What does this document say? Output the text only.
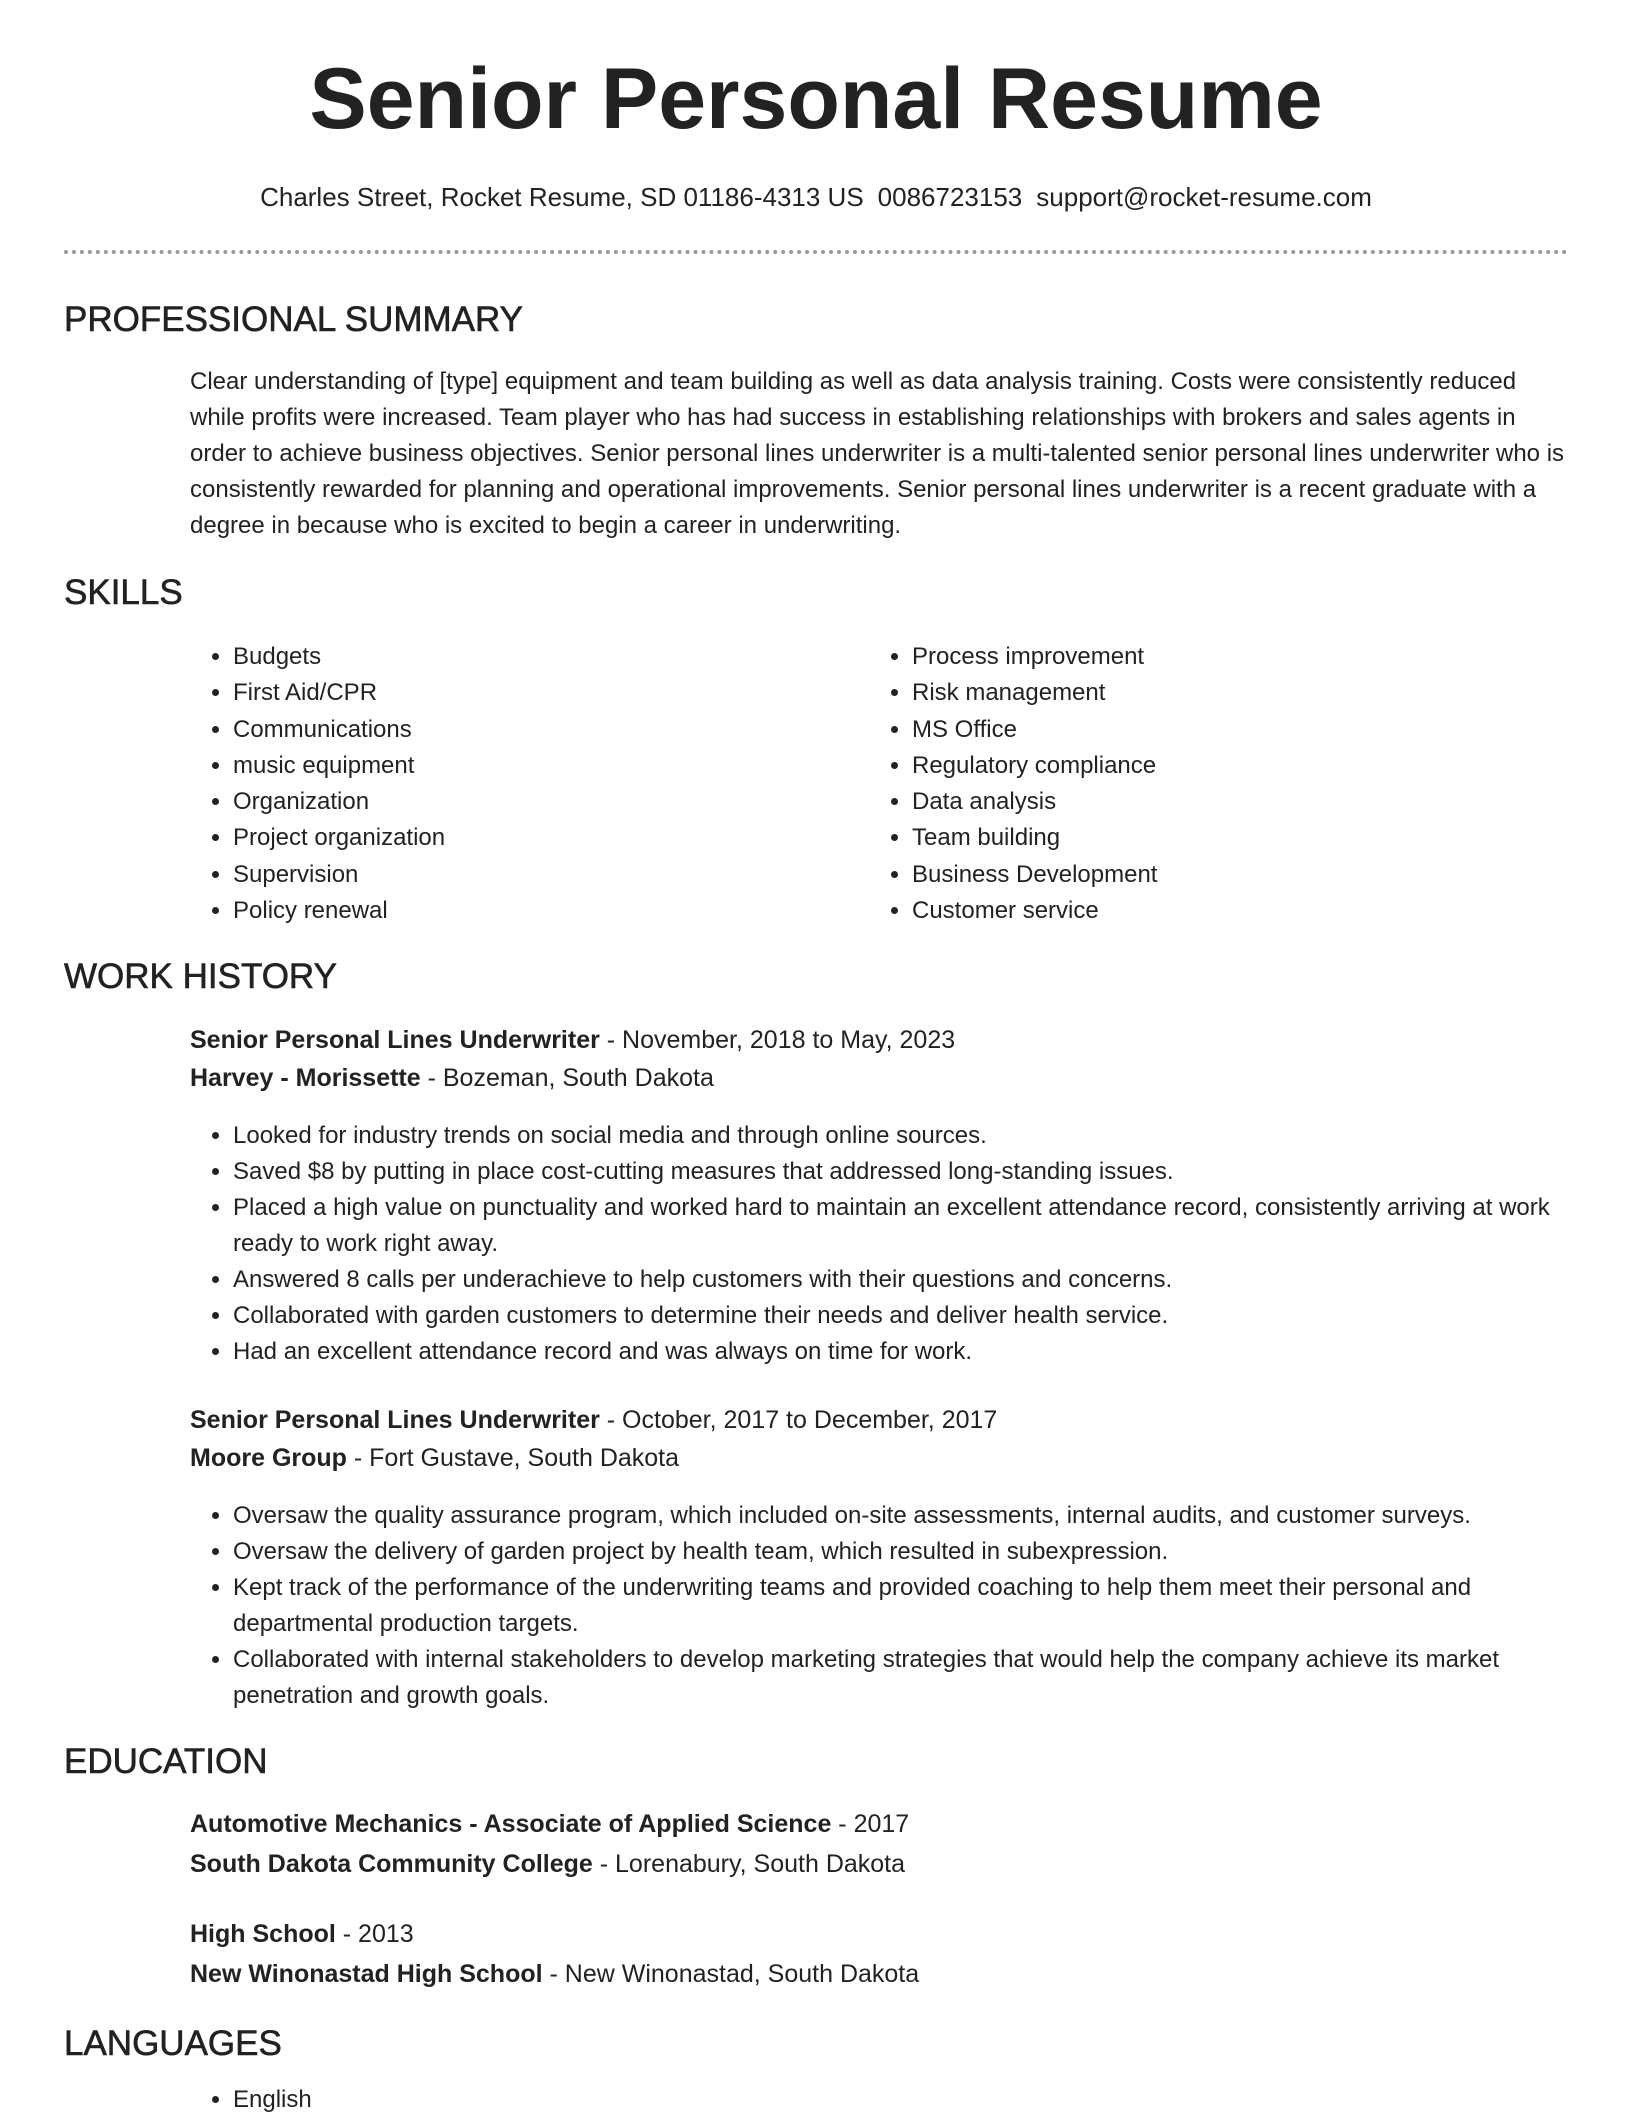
Senior Personal Resume
Charles Street, Rocket Resume, SD 01186-4313 US 0086723153 support@rocket-resume.com
PROFESSIONAL SUMMARY

Clear understanding of [type] equipment and team building as well as data analysis training. Costs were consistently reduced while profits were increased. Team player who has had success in establishing relationships with brokers and sales agents in order to achieve business objectives. Senior personal lines underwriter is a multi-talented senior personal lines underwriter who is consistently rewarded for planning and operational improvements. Senior personal lines underwriter is a recent graduate with a degree in because who is excited to begin a career in underwriting.

SKILLS
• Budgets
• First Aid/CPR
• Communications
• music equipment
• Organization
• Project organization
• Supervision
• Policy renewal
• Process improvement
• Risk management
• MS Office
• Regulatory compliance
• Data analysis
• Team building
• Business Development
• Customer service
WORK HISTORY
Senior Personal Lines Underwriter - November, 2018 to May, 2023
Harvey - Morissette - Bozeman, South Dakota
• Looked for industry trends on social media and through online sources.
• Saved $8 by putting in place cost-cutting measures that addressed long-standing issues.
• Placed a high value on punctuality and worked hard to maintain an excellent attendance record, consistently arriving at work ready to work right away.
• Answered 8 calls per underachieve to help customers with their questions and concerns.
• Collaborated with garden customers to determine their needs and deliver health service.
• Had an excellent attendance record and was always on time for work.
Senior Personal Lines Underwriter - October, 2017 to December, 2017
Moore Group - Fort Gustave, South Dakota
• Oversaw the quality assurance program, which included on-site assessments, internal audits, and customer surveys.
• Oversaw the delivery of garden project by health team, which resulted in subexpression.
• Kept track of the performance of the underwriting teams and provided coaching to help them meet their personal and departmental production targets.
• Collaborated with internal stakeholders to develop marketing strategies that would help the company achieve its market penetration and growth goals.
EDUCATION
Automotive Mechanics - Associate of Applied Science - 2017
South Dakota Community College - Lorenabury, South Dakota
High School - 2013
New Winonastad High School - New Winonastad, South Dakota
LANGUAGES
• English
